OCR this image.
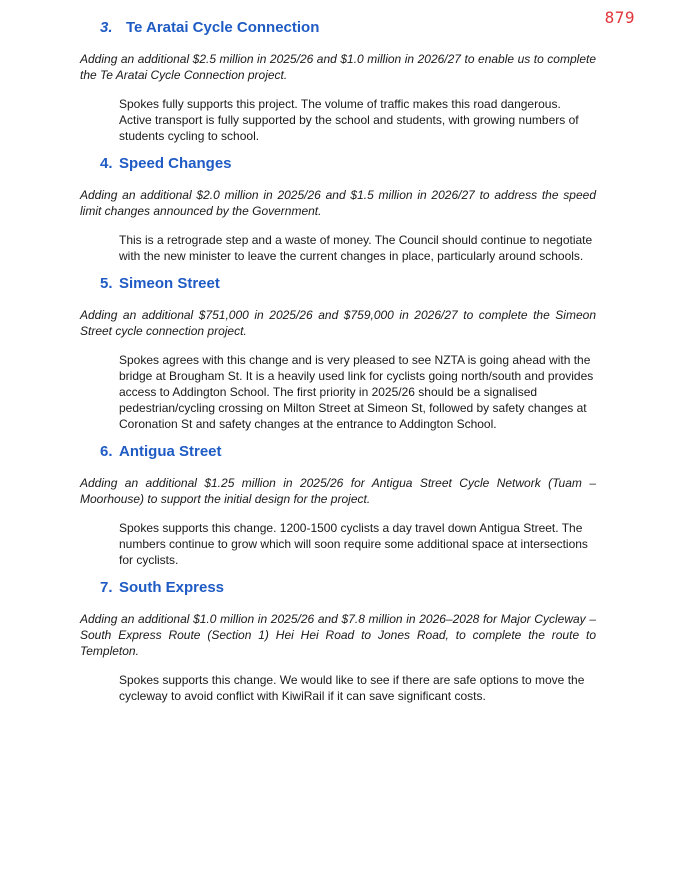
879
3. Te Aratai Cycle Connection

Adding an additional $2.5 million in 2025/26 and $1.0 million in 2026/27 to enable us to complete the Te Aratai Cycle Connection project.

Spokes fully supports this project. The volume of traffic makes this road dangerous. Active transport is fully supported by the school and students, with growing numbers of students cycling to school.

4. Speed Changes

Adding an additional $2.0 million in 2025/26 and $1.5 million in 2026/27 to address the speed limit changes announced by the Government.

This is a retrograde step and a waste of money. The Council should continue to negotiate with the new minister to leave the current changes in place, particularly around schools.

5. Simeon Street

Adding an additional $751,000 in 2025/26 and $759,000 in 2026/27 to complete the Simeon Street cycle connection project.

Spokes agrees with this change and is very pleased to see NZTA is going ahead with the bridge at Brougham St. It is a heavily used link for cyclists going north/south and provides access to Addington School. The first priority in 2025/26 should be a signalised pedestrian/cycling crossing on Milton Street at Simeon St, followed by safety changes at Coronation St and safety changes at the entrance to Addington School.

6. Antigua Street

Adding an additional $1.25 million in 2025/26 for Antigua Street Cycle Network (Tuam – Moorhouse) to support the initial design for the project.

Spokes supports this change. 1200-1500 cyclists a day travel down Antigua Street. The numbers continue to grow which will soon require some additional space at intersections for cyclists.

7. South Express

Adding an additional $1.0 million in 2025/26 and $7.8 million in 2026–2028 for Major Cycleway – South Express Route (Section 1) Hei Hei Road to Jones Road, to complete the route to Templeton.

Spokes supports this change. We would like to see if there are safe options to move the cycleway to avoid conflict with KiwiRail if it can save significant costs.
